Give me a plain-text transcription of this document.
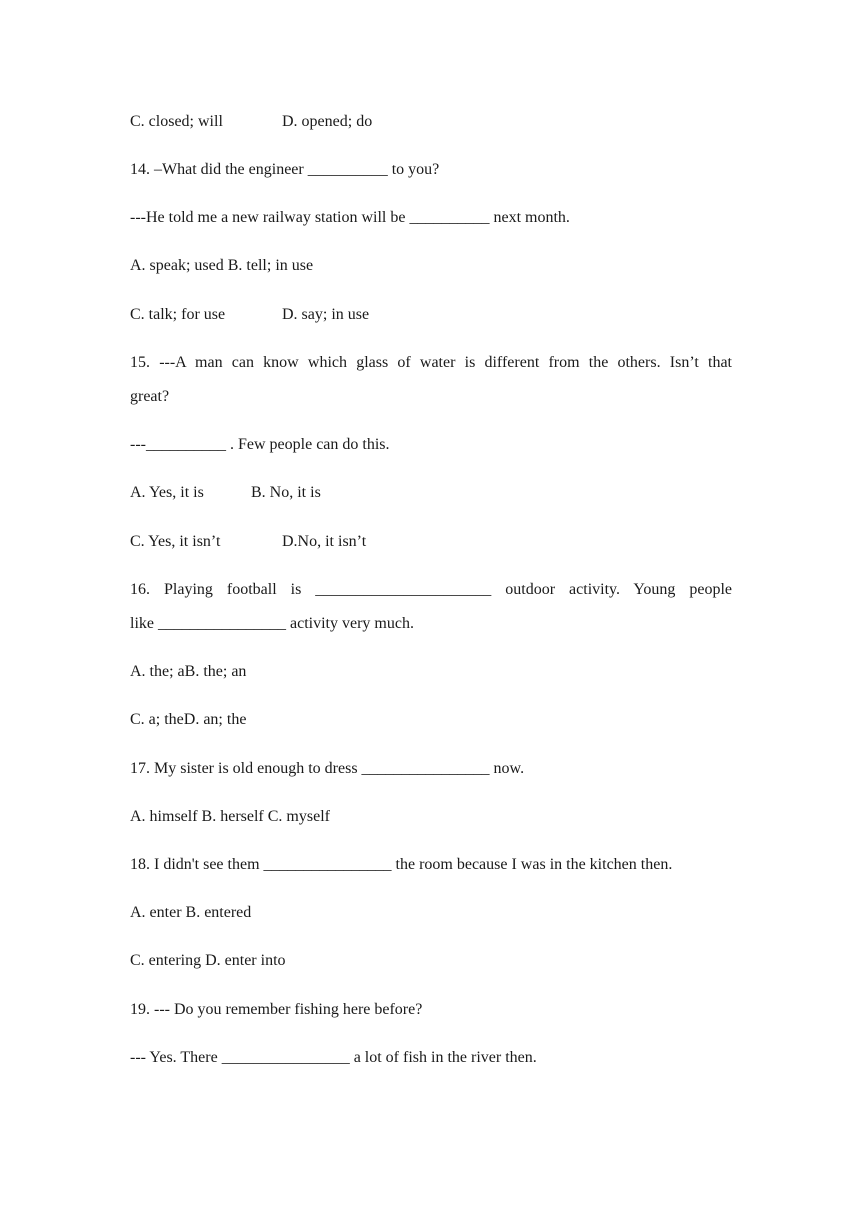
C. closed; will	D. opened; do
14. –What did the engineer __________ to you?
---He told me a new railway station will be __________ next month.
A. speak; used B. tell; in use
C. talk; for use	D. say; in use
15. ---A man can know which glass of water is different from the others. Isn’t that
great?
---__________ . Few people can do this.
A. Yes, it is	B. No, it is
C. Yes, it isn’t	D.No, it isn’t
16. Playing football is ______________________ outdoor activity. Young people
like ________________ activity very much.
A. the; aB. the; an
C. a; theD. an; the
17. My sister is old enough to dress ________________ now.
A. himself B. herself C. myself
18. I didn't see them ________________ the room because I was in the kitchen then.
A. enter B. entered
C. entering D. enter into
19. --- Do you remember fishing here before?
--- Yes. There ________________ a lot of fish in the river then.
